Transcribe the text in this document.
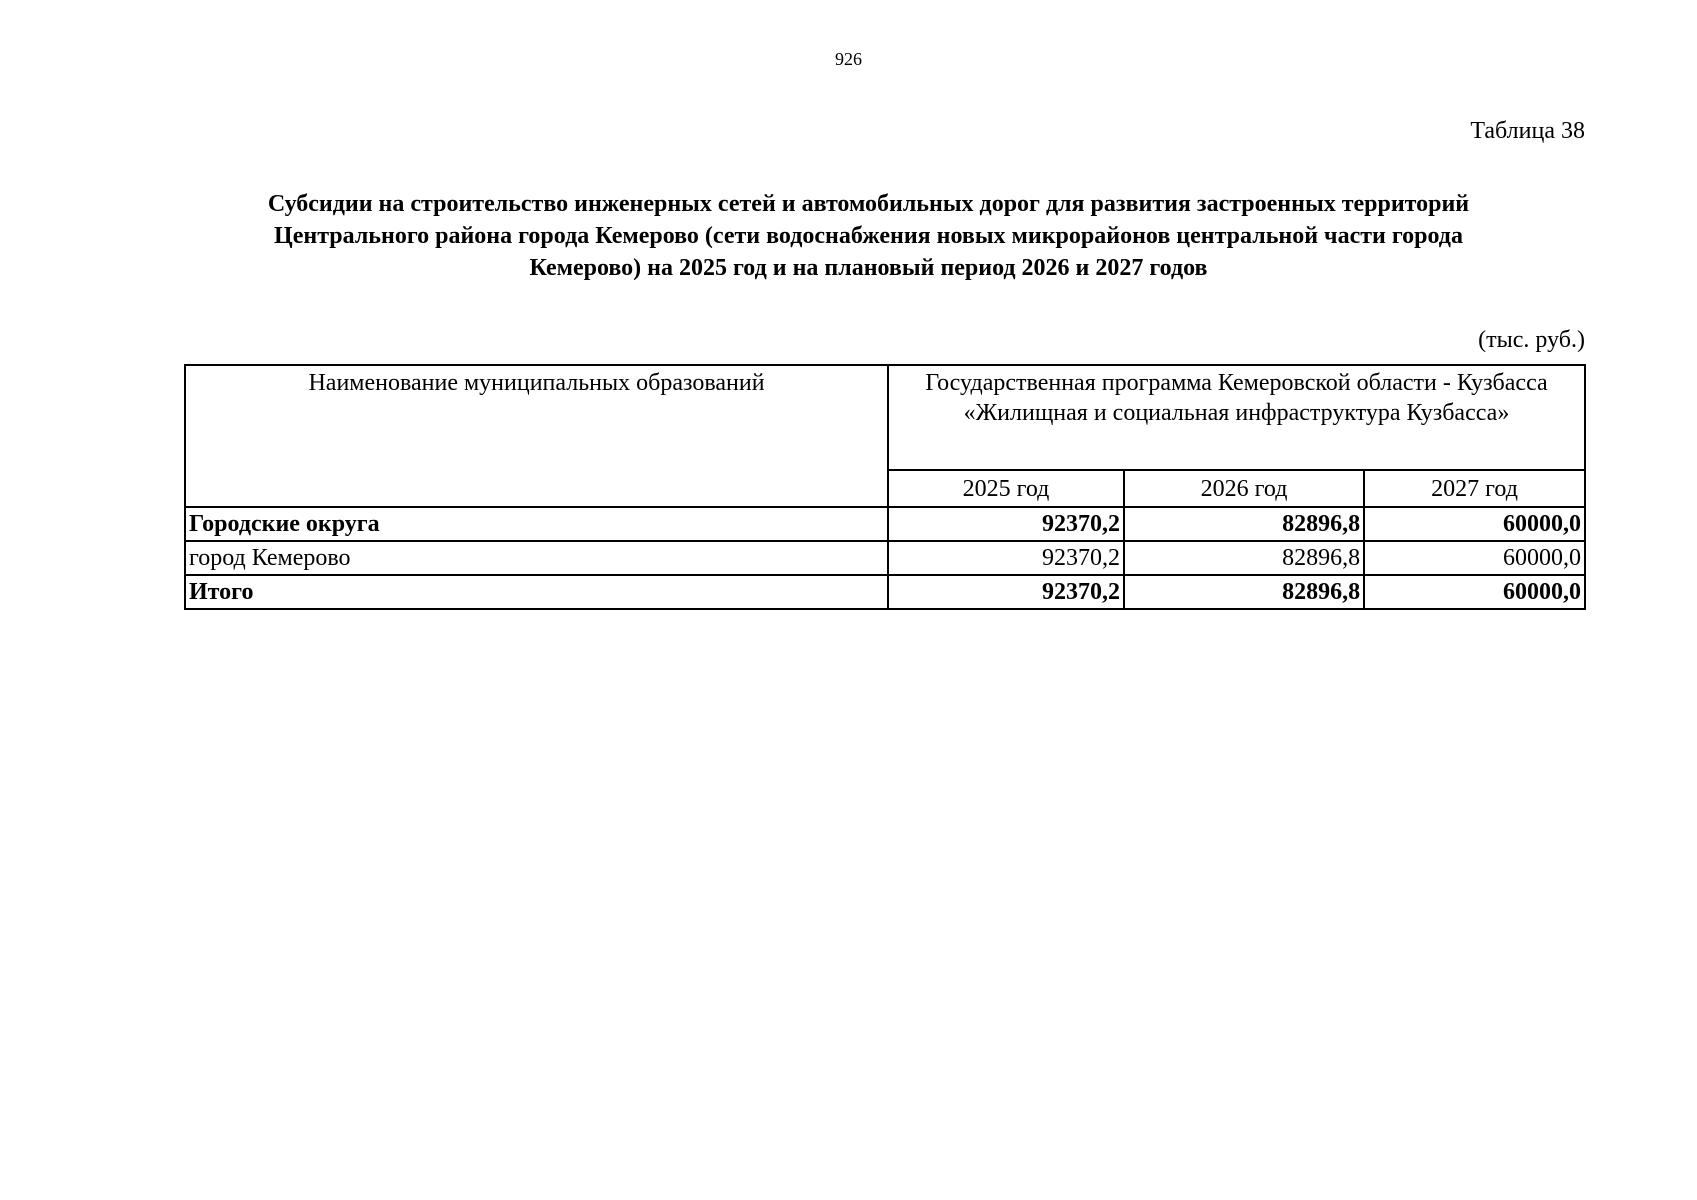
926
Таблица 38
Субсидии на строительство инженерных сетей и автомобильных дорог для развития застроенных территорий
Центрального района города Кемерово (сети водоснабжения новых микрорайонов центральной части города
Кемерово) на 2025 год и на плановый период 2026 и 2027 годов
(тыс. руб.)
Наименование муниципальных образований	Государственная программа Кемеровской области - Кузбасса
«Жилищная и социальная инфраструктура Кузбасса»		

	2025 год	2026 год	2027 год
Городские округа	92370,2	82896,8	60000,0
город Кемерово	92370,2	82896,8	60000,0
Итого	92370,2	82896,8	60000,0
